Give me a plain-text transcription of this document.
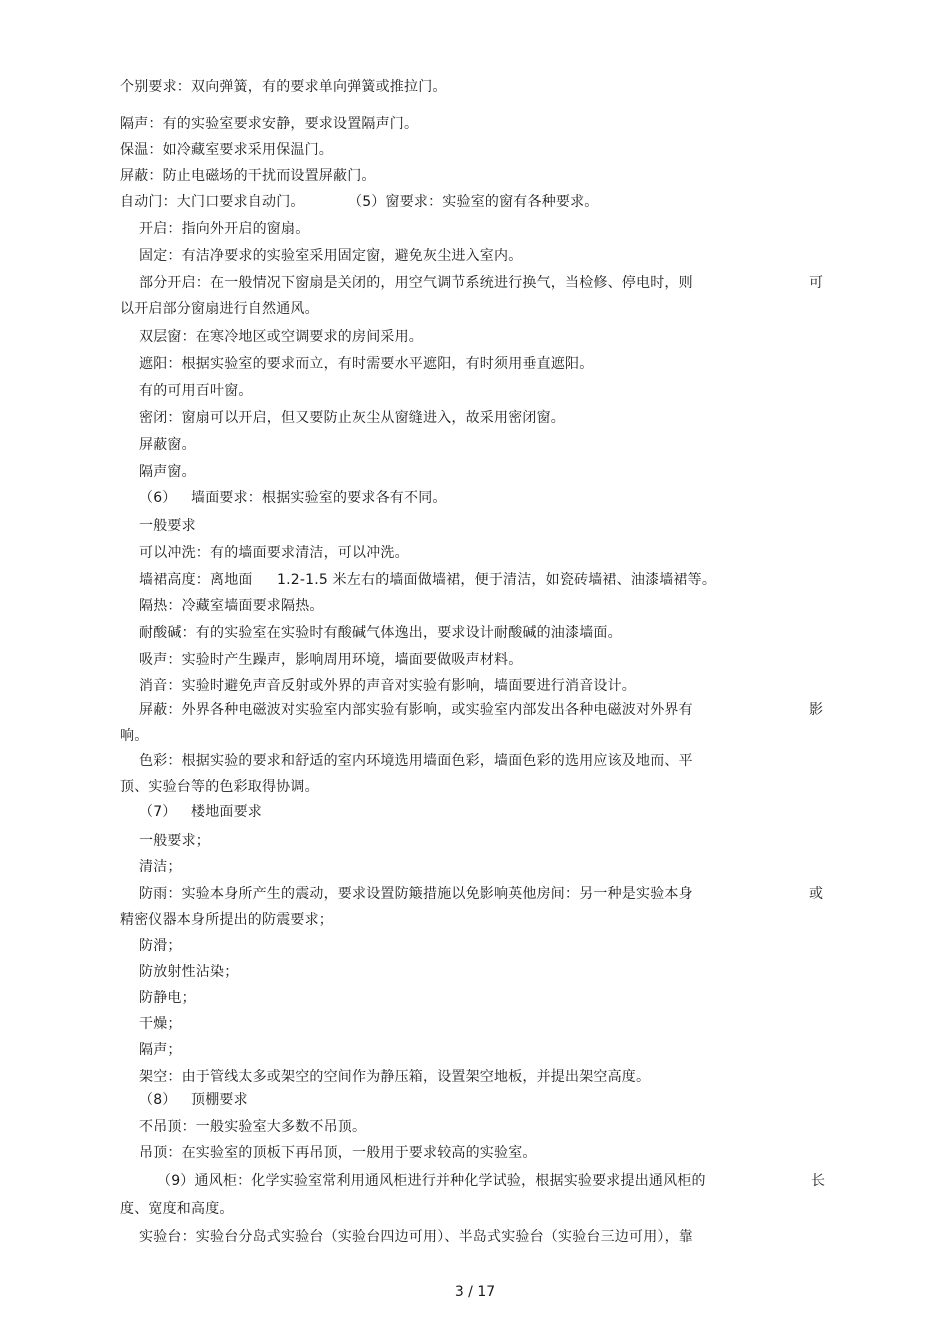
个别要求：双向弹簧，有的要求单向弹簧或推拉门。
隔声：有的实验室要求安静，要求设置隔声门。
保温：如冷藏室要求采用保温门。
屏蔽：防止电磁场的干扰而设置屏蔽门。
自动门：大门口要求自动门。	（5）窗要求：实验室的窗有各种要求。
开启：指向外开启的窗扇。
固定：有洁净要求的实验室采用固定窗，避免灰尘进入室内。
部分开启：在一般情况下窗扇是关闭的，用空气调节系统进行换气，当检修、停电时，则	可
以开启部分窗扇进行自然通风。
双层窗：在寒冷地区或空调要求的房间采用。
遮阳：根据实验室的要求而立，有时需要水平遮阳，有时须用垂直遮阳。
有的可用百叶窗。
密闭：窗扇可以开启，但又要防止灰尘从窗缝进入，故采用密闭窗。
屏蔽窗。
隔声窗。
（6） 墙面要求：根据实验室的要求各有不同。
一般要求
可以冲洗：有的墙面要求清洁，可以冲洗。
墙裙高度：离地面 1.2-1.5 米左右的墙面做墙裙，便于清洁，如瓷砖墙裙、油漆墙裙等。
隔热：冷藏室墙面要求隔热。
耐酸碱：有的实验室在实验时有酸碱气体逸出，要求设计耐酸碱的油漆墙面。
吸声：实验时产生躁声，影响周用环境，墙面要做吸声材料。
消音：实验时避免声音反射或外界的声音对实验有影响，墙面要进行消音设计。
屏蔽：外界各种电磁波对实验室内部实验有影响，或实验室内部发出各种电磁波对外界有	影
响。
色彩：根据实验的要求和舒适的室内环境选用墙面色彩，墙面色彩的选用应该及地而、平
顶、实验台等的色彩取得协调。
（7） 楼地面要求
一般要求；
清洁；
防雨：实验本身所产生的震动，要求设置防簸措施以免影响英他房间：另一种是实验本身	或
精密仪器本身所提出的防震要求；
防滑；
防放射性沾染；
防静电；
干燥；
隔声；
架空：由于管线太多或架空的空间作为静压箱，设置架空地板，并提出架空高度。
（8） 顶棚要求
不吊顶：一般实验室大多数不吊顶。
吊顶：在实验室的顶板下再吊顶，一般用于要求较高的实验室。
（9）通风柜：化学实验室常利用通风柜进行并种化学试验，根据实验要求提出通风柜的	长
度、宽度和高度。
实验台：实验台分岛式实验台（实验台四边可用）、半岛式实验台（实验台三边可用），靠
3 / 17
